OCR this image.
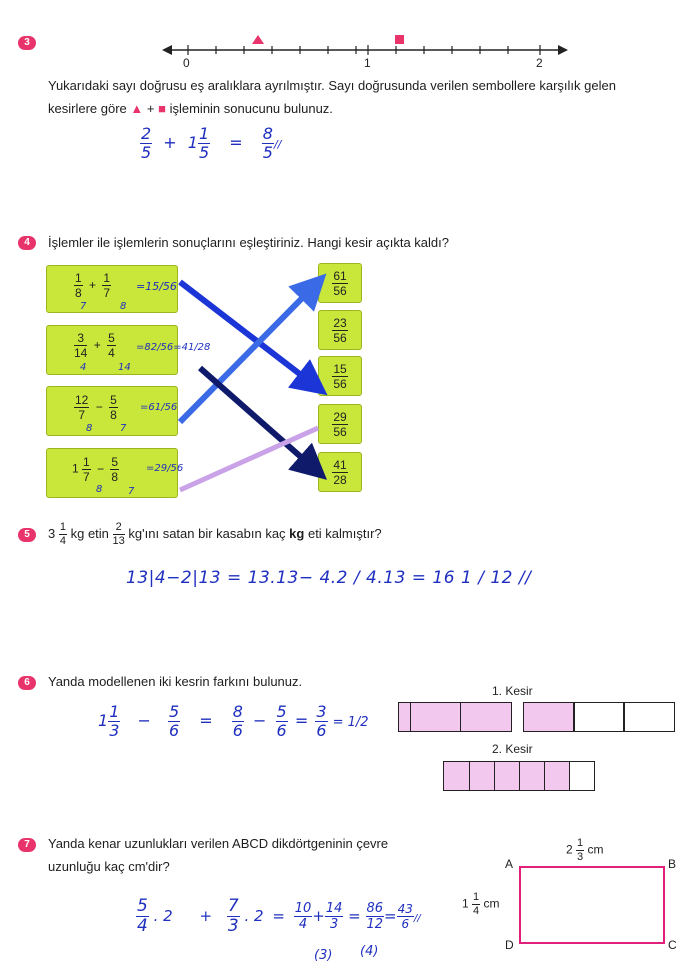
3
0	1	2
Yukarıdaki sayı doğrusu eş aralıklara ayrılmıştır. Sayı doğrusunda verilen sembollere karşılık gelen
kesirlere göre ▲ + ■ işleminin sonucunu bulunuz.
$\frac{2}{5} + 1 \frac{1}{5} = \frac{8}{5}$ //
4	İşlemler ile işlemlerin sonuçlarını eşleştiriniz. Hangi kesir açıkta kaldı?
$\frac{1}{8} + \frac{1}{7}$
7	8
=15/56
$\frac{3}{14} + \frac{5}{4}$
4	14
=82/56=41/28
$\frac{12}{7} - \frac{5}{8}$
8	7
=61/56
$1 \frac{1}{7} - \frac{5}{8}$
8	7
=29/56
$\frac{61}{56}$
$\frac{23}{56}$
$\frac{15}{56}$
$\frac{29}{56}$
$\frac{41}{28}$
5	$3 \frac{1}{4}$ kg etin $\frac{2}{13}$ kg'ını satan bir kasabın kaç kg eti kalmıştır?
13|4−2|13 = 13.13− 4.2 / 4.13 = 16 1 / 12 //
6	Yanda modellenen iki kesrin farkını bulunuz.
$1 \frac{1}{3} - \frac{5}{6} = \frac{8}{6} - \frac{5}{6} = \frac{3}{6} = 1/2$
1. Kesir
2. Kesir
7	Yanda kenar uzunlukları verilen ABCD dikdörtgeninin çevre
uzunluğu kaç cm'dir?
$2 \frac{1}{3}$ cm
A	B
C
D
$1 \frac{1}{4}$ cm
$\frac{5}{4}$ . $2 + \frac{7}{3}$ . $2 = \frac{10}{4} + \frac{14}{3} = \frac{86}{12} = \frac{43}{6}$ //
(3) (4)
